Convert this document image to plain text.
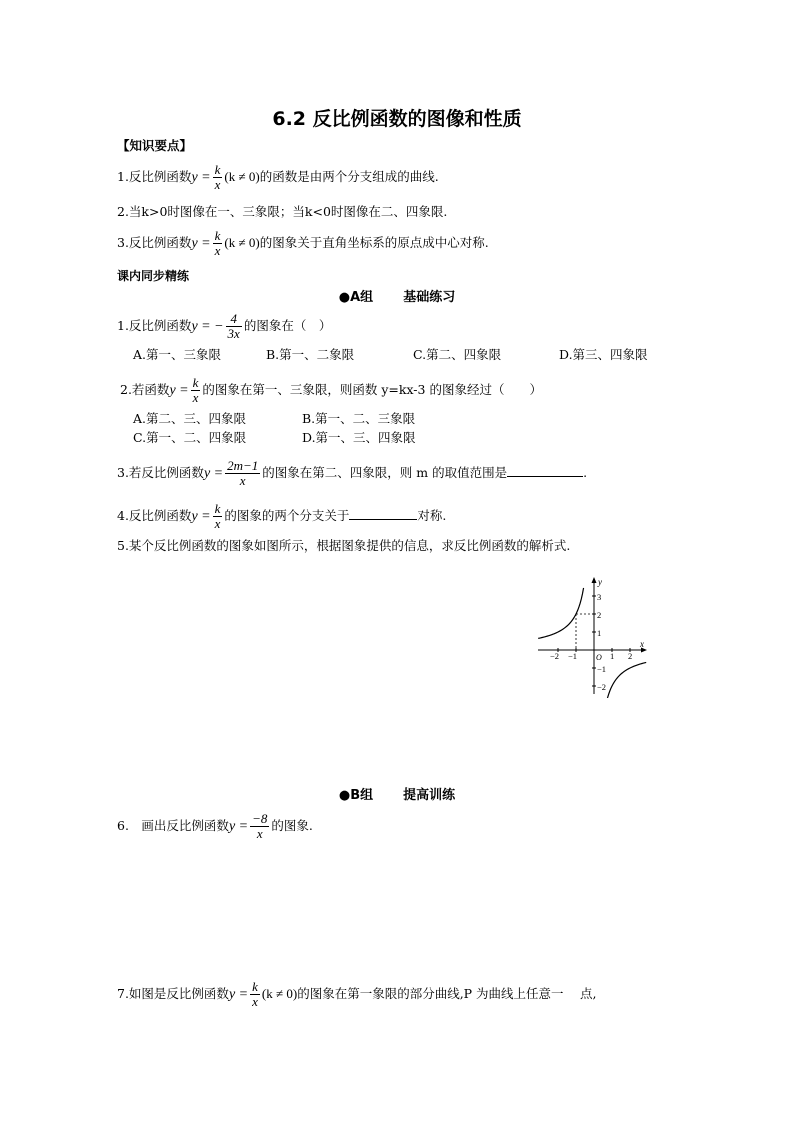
6.2 反比例函数的图像和性质
【知识要点】
1.反比例函数$y = \frac{k}{x} (k \ne 0)$的函数是由两个分支组成的曲线.
2.当k>0时图像在一、三象限；当k<0时图像在二、四象限.
3.反比例函数$y = \frac{k}{x} (k \ne 0)$的图象关于直角坐标系的原点成中心对称.
课内同步精练
●A组 基础练习
1.反比例函数y = − $\frac{4}{3x}$ 的图象在（　）
A.第一、三象限	B.第一、二象限	C.第二、四象限	D.第三、四象限
2.若函数$y = \frac{k}{x}$ 的图象在第一、三象限，则函数 y=kx-3 的图象经过（　　）
A.第二、三、四象限	B.第一、二、三象限
C.第一、二、四象限	D.第一、三、四象限
3.若反比例函数$y = \frac{2m-1}{x}$ 的图象在第二、四象限，则 m 的取值范围是	.
4.反比例函数$y = \frac{k}{x}$ 的图象的两个分支关于	对称.
5.某个反比例函数的图象如图所示，根据图象提供的信息，求反比例函数的解析式.
y
x
O
−2 −1	1 2
3
2
1
−1
−2
●B组 提高训练
6.　画出反比例函数$y = \frac{-8}{x}$ 的图象.
7.如图是反比例函数$y = \frac{k}{x} (k \ne 0)$的图象在第一象限的部分曲线,P 为曲线上任意一　 点,
